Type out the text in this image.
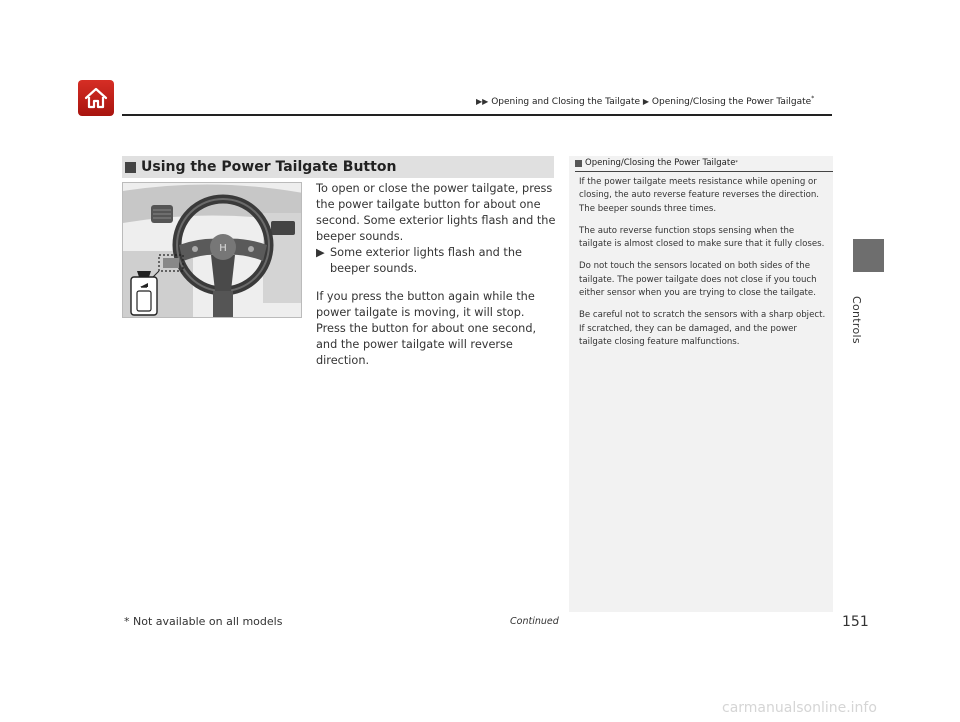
▶▶ Opening and Closing the Tailgate ▶ Opening/Closing the Power Tailgate*
Controls
Using the Power Tailgate Button
H

To open or close the power tailgate, press the power tailgate button for about one second. Some exterior lights flash and the beeper sounds.

▶ Some exterior lights flash and the beeper sounds.

If you press the button again while the power tailgate is moving, it will stop.

Press the button for about one second, and the power tailgate will reverse direction.

Opening/Closing the Power Tailgate *

If the power tailgate meets resistance while opening or closing, the auto reverse feature reverses the direction. The beeper sounds three times.

The auto reverse function stops sensing when the tailgate is almost closed to make sure that it fully closes.

Do not touch the sensors located on both sides of the tailgate. The power tailgate does not close if you touch either sensor when you are trying to close the tailgate.

Be careful not to scratch the sensors with a sharp object. If scratched, they can be damaged, and the power tailgate closing feature malfunctions.

* Not available on all models	Continued	151
carmanualsonline.info
